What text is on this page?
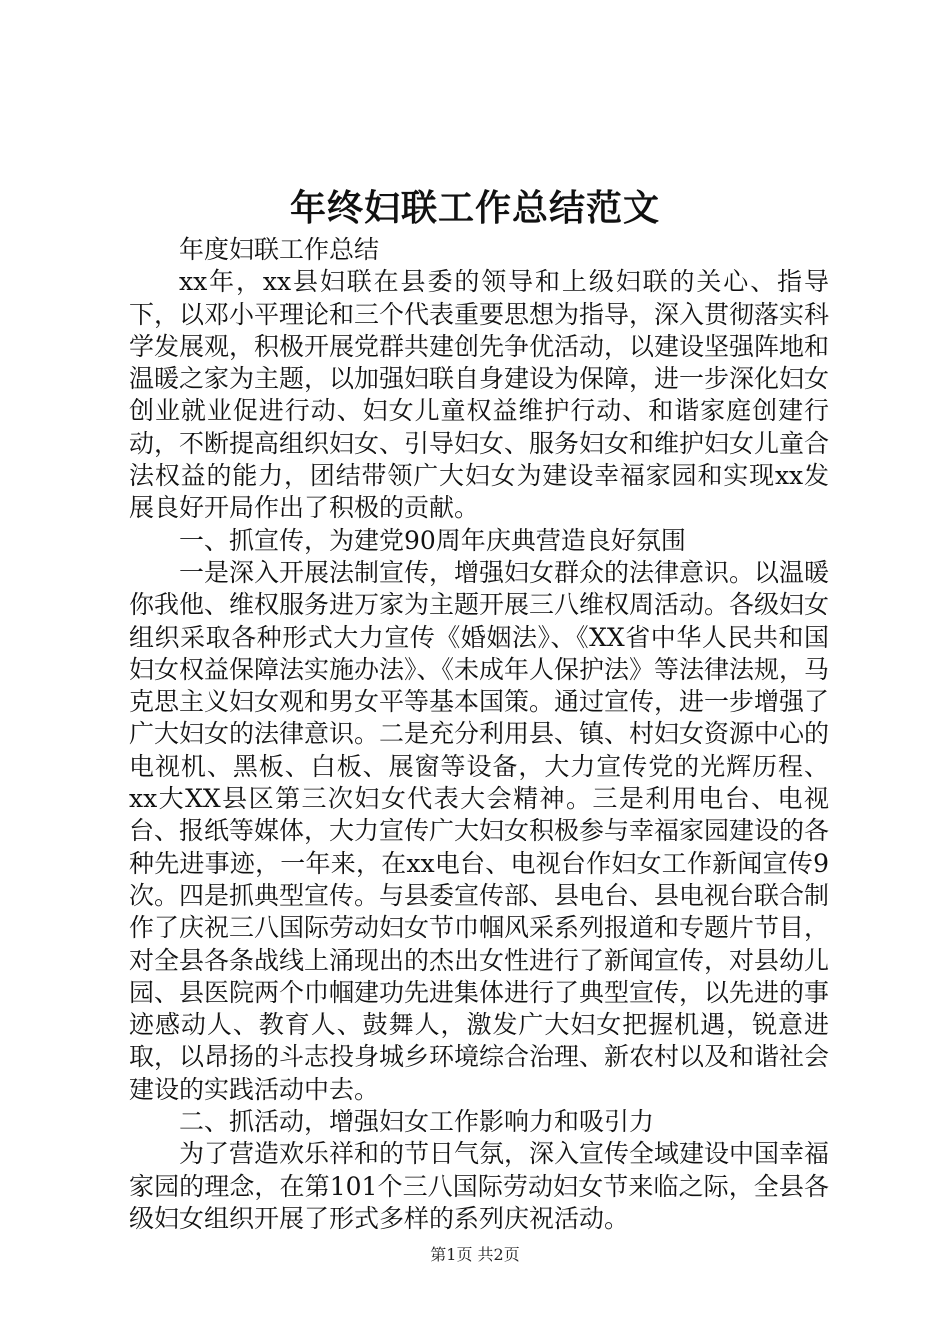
年终妇联工作总结范文

年度妇联工作总结

xx年，xx县妇联在县委的领导和上级妇联的关心、指导下，以邓小平理论和三个代表重要思想为指导，深入贯彻落实科学发展观，积极开展党群共建创先争优活动，以建设坚强阵地和温暖之家为主题，以加强妇联自身建设为保障，进一步深化妇女创业就业促进行动、妇女儿童权益维护行动、和谐家庭创建行动，不断提高组织妇女、引导妇女、服务妇女和维护妇女儿童合法权益的能力，团结带领广大妇女为建设幸福家园和实现xx发展良好开局作出了积极的贡献。

一、抓宣传，为建党90周年庆典营造良好氛围

一是深入开展法制宣传，增强妇女群众的法律意识。以温暖你我他、维权服务进万家为主题开展三八维权周活动。各级妇女组织采取各种形式大力宣传《婚姻法》、《XX省中华人民共和国妇女权益保障法实施办法》、《未成年人保护法》等法律法规，马克思主义妇女观和男女平等基本国策。通过宣传，进一步增强了广大妇女的法律意识。二是充分利用县、镇、村妇女资源中心的电视机、黑板、白板、展窗等设备，大力宣传党的光辉历程、xx大XX县区第三次妇女代表大会精神。三是利用电台、电视台、报纸等媒体，大力宣传广大妇女积极参与幸福家园建设的各种先进事迹，一年来，在xx电台、电视台作妇女工作新闻宣传9次。四是抓典型宣传。与县委宣传部、县电台、县电视台联合制作了庆祝三八国际劳动妇女节巾帼风采系列报道和专题片节目，对全县各条战线上涌现出的杰出女性进行了新闻宣传，对县幼儿园、县医院两个巾帼建功先进集体进行了典型宣传，以先进的事迹感动人、教育人、鼓舞人，激发广大妇女把握机遇，锐意进取，以昂扬的斗志投身城乡环境综合治理、新农村以及和谐社会建设的实践活动中去。

二、抓活动，增强妇女工作影响力和吸引力

为了营造欢乐祥和的节日气氛，深入宣传全域建设中国幸福家园的理念，在第101个三八国际劳动妇女节来临之际，全县各级妇女组织开展了形式多样的系列庆祝活动。

第1页 共2页
